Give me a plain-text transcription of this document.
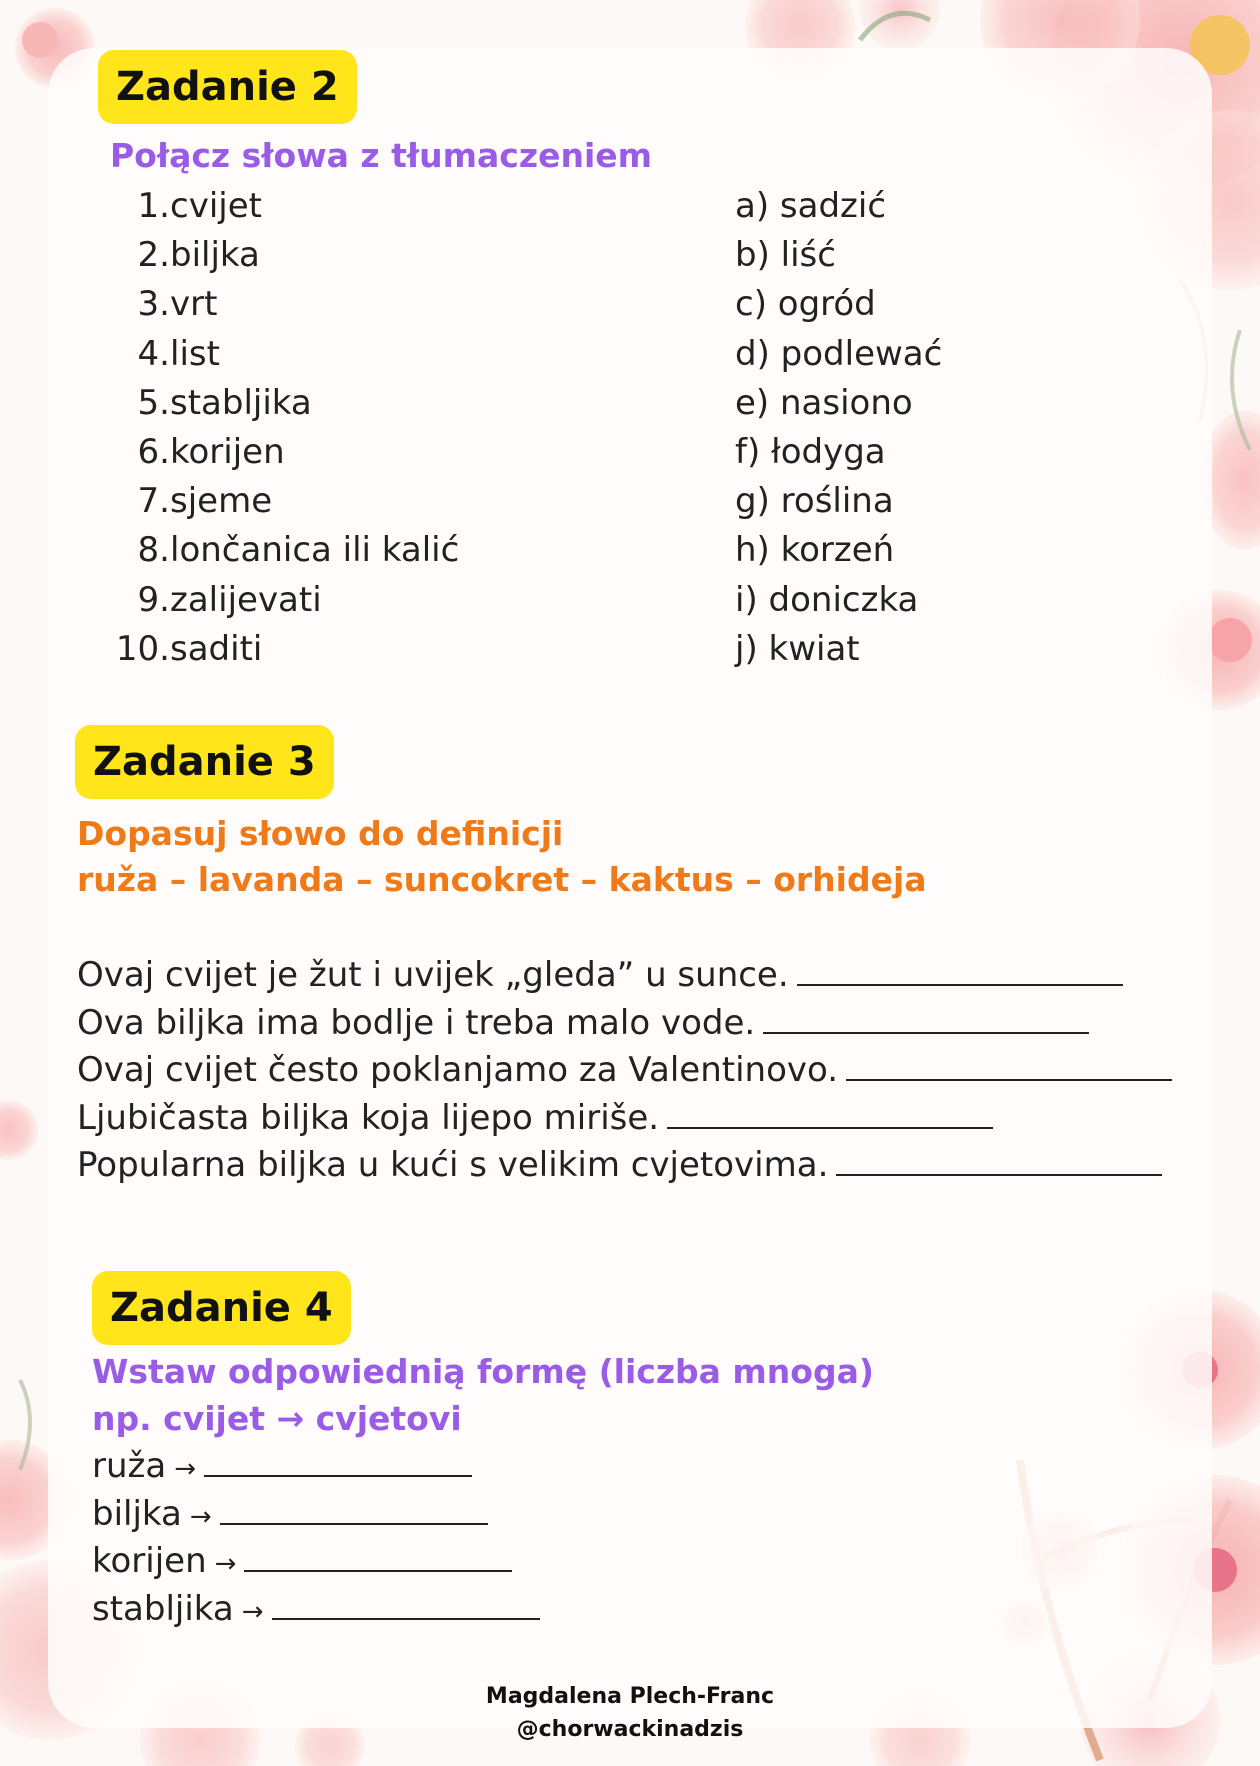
Zadanie 2
Połącz słowa z tłumaczeniem
1. cvijet
2. biljka
3. vrt
4. list
5. stabljika
6. korijen
7. sjeme
8. lončanica ili kalić
9. zalijevati
10. saditi
a) sadzić
b) liść
c) ogród
d) podlewać
e) nasiono
f) łodyga
g) roślina
h) korzeń
i) doniczka
j) kwiat
Zadanie 3
Dopasuj słowo do definicji
ruža – lavanda – suncokret – kaktus – orhideja
Ovaj cvijet je žut i uvijek „gleda” u sunce.
Ova biljka ima bodlje i treba malo vode.
Ovaj cvijet često poklanjamo za Valentinovo.
Ljubičasta biljka koja lijepo miriše.
Popularna biljka u kući s velikim cvjetovima.
Zadanie 4
Wstaw odpowiednią formę (liczba mnoga)
np. cvijet → cvjetovi
ruža →
biljka →
korijen →
stabljika →
Magdalena Plech-Franc
@chorwackinadzis
